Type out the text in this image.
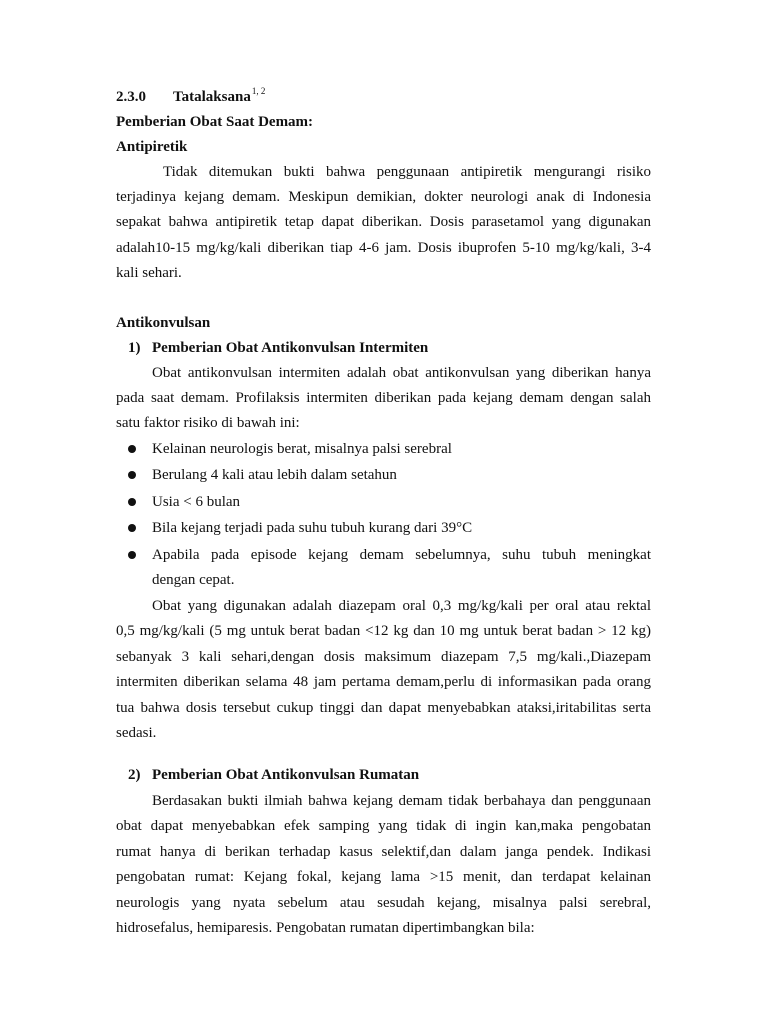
2.3.0 Tatalaksana$^{1, 2}$
Pemberian Obat Saat Demam:
Antipiretik
Tidak ditemukan bukti bahwa penggunaan antipiretik mengurangi risiko
terjadinya kejang demam. Meskipun demikian, dokter neurologi anak di Indonesia
sepakat bahwa antipiretik tetap dapat diberikan. Dosis parasetamol yang digunakan
adalah10-15 mg/kg/kali diberikan tiap 4-6 jam. Dosis ibuprofen 5-10 mg/kg/kali, 3-4
kali sehari.
Antikonvulsan
1) Pemberian Obat Antikonvulsan Intermiten
Obat antikonvulsan intermiten adalah obat antikonvulsan yang diberikan hanya
pada saat demam. Profilaksis intermiten diberikan pada kejang demam dengan salah
satu faktor risiko di bawah ini:
Kelainan neurologis berat, misalnya palsi serebral
Berulang 4 kali atau lebih dalam setahun
Usia < 6 bulan
Bila kejang terjadi pada suhu tubuh kurang dari 39°C
Apabila pada episode kejang demam sebelumnya, suhu tubuh meningkat
dengan cepat.
Obat yang digunakan adalah diazepam oral 0,3 mg/kg/kali per oral atau rektal
0,5 mg/kg/kali (5 mg untuk berat badan <12 kg dan 10 mg untuk berat badan > 12 kg)
sebanyak 3 kali sehari,dengan dosis maksimum diazepam 7,5 mg/kali.,Diazepam
intermiten diberikan selama 48 jam pertama demam,perlu di informasikan pada orang
tua bahwa dosis tersebut cukup tinggi dan dapat menyebabkan ataksi,iritabilitas serta
sedasi.
2) Pemberian Obat Antikonvulsan Rumatan
Berdasakan bukti ilmiah bahwa kejang demam tidak berbahaya dan penggunaan
obat dapat menyebabkan efek samping yang tidak di ingin kan,maka pengobatan
rumat hanya di berikan terhadap kasus selektif,dan dalam janga pendek. Indikasi
pengobatan rumat: Kejang fokal, kejang lama >15 menit, dan terdapat kelainan
neurologis yang nyata sebelum atau sesudah kejang, misalnya palsi serebral,
hidrosefalus, hemiparesis. Pengobatan rumatan dipertimbangkan bila:
